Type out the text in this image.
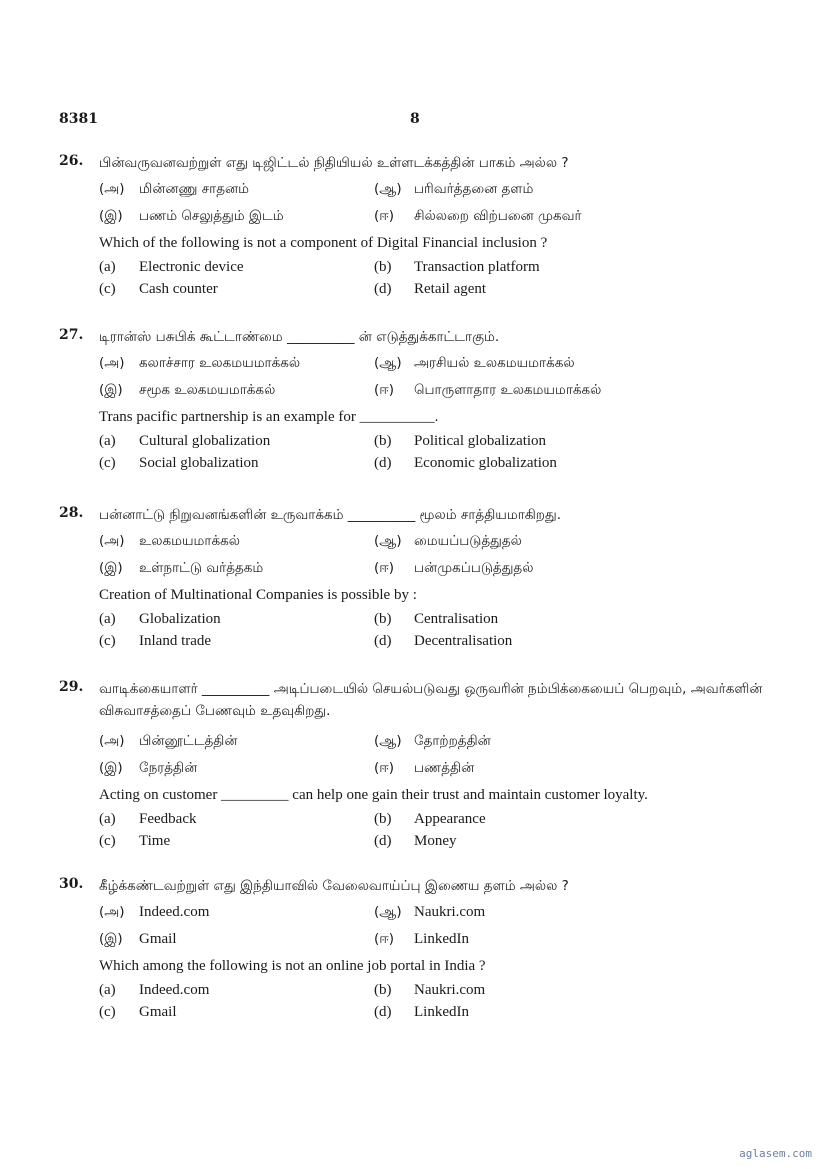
8381	8
26. பின்வருவனவற்றுள் எது டிஜிட்டல் நிதியியல் உள்ளடக்கத்தின் பாகம் அல்ல ?
(அ)	மின்னணு சாதனம்	(ஆ) பரிவர்த்தனை தளம்
(இ)	பணம் செலுத்தும் இடம்	(ஈ)	சில்லறை விற்பனை முகவர்
Which of the following is not a component of Digital Financial inclusion ?
(a)	Electronic device	(b)	Transaction platform
(c)	Cash counter	(d)	Retail agent
27. டிரான்ஸ் பசுபிக் கூட்டாண்மை __________ ன் எடுத்துக்காட்டாகும்.
(அ)	கலாச்சார உலகமயமாக்கல்	(ஆ) அரசியல் உலகமயமாக்கல்
(இ)	சமூக உலகமயமாக்கல்	(ஈ)	பொருளாதார உலகமயமாக்கல்
Trans pacific partnership is an example for __________.
(a)	Cultural globalization	(b)	Political globalization
(c)	Social globalization	(d)	Economic globalization
28. பன்னாட்டு நிறுவனங்களின் உருவாக்கம் __________ மூலம் சாத்தியமாகிறது.
(அ)	உலகமயமாக்கல்	(ஆ) மையப்படுத்துதல்
(இ)	உள்நாட்டு வர்த்தகம்	(ஈ)	பன்முகப்படுத்துதல்
Creation of Multinational Companies is possible by :
(a)	Globalization	(b)	Centralisation
(c)	Inland trade	(d)	Decentralisation
29. வாடிக்கையாளர் __________ அடிப்படையில் செயல்படுவது ஒருவரின் நம்பிக்கையைப் பெறவும், அவர்களின் விசுவாசத்தைப் பேணவும் உதவுகிறது.
(அ)	பின்னூட்டத்தின்	(ஆ) தோற்றத்தின்
(இ)	நேரத்தின்	(ஈ)	பணத்தின்
Acting on customer _________ can help one gain their trust and maintain customer loyalty.
(a)	Feedback	(b)	Appearance
(c)	Time	(d)	Money
30. கீழ்க்கண்டவற்றுள் எது இந்தியாவில் வேலைவாய்ப்பு இணைய தளம் அல்ல ?
(அ) Indeed.com	(ஆ) Naukri.com
(இ)	Gmail	(ஈ)	LinkedIn
Which among the following is not an online job portal in India ?
(a)	Indeed.com	(b)	Naukri.com
(c)	Gmail	(d)	LinkedIn
aglasem.com
